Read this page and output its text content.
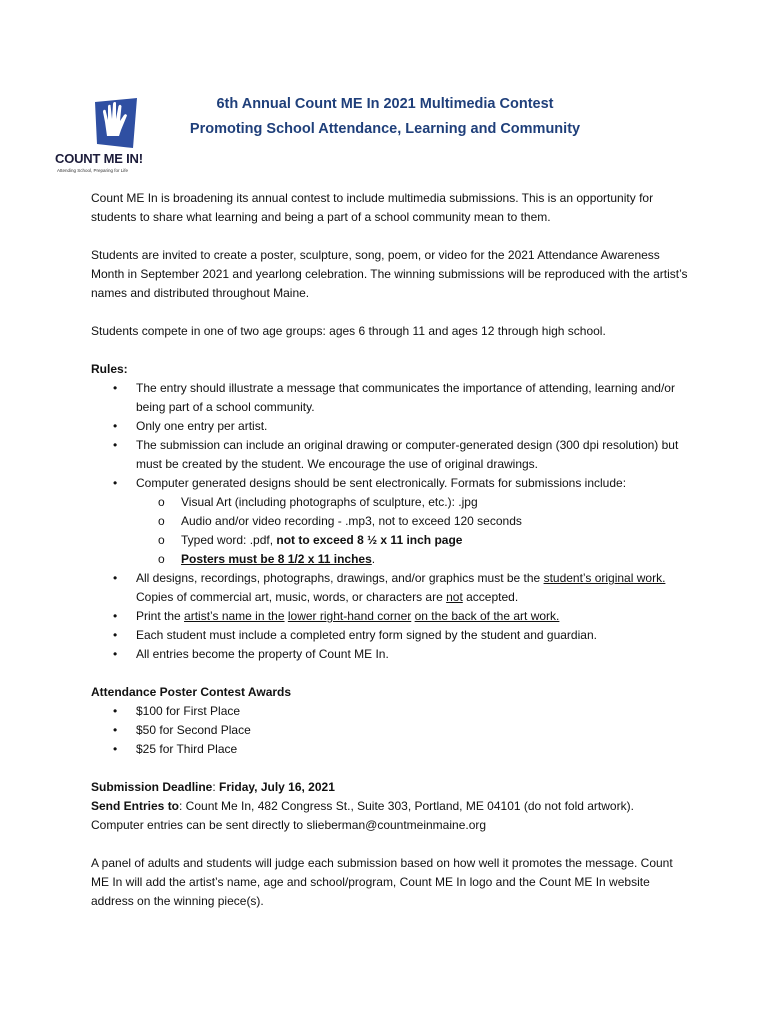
COUNT ME IN!
Attending School, Preparing for Life
6th Annual Count ME In 2021 Multimedia Contest
Promoting School Attendance, Learning and Community

Count ME In is broadening its annual contest to include multimedia submissions. This is an opportunity for students to share what learning and being a part of a school community mean to them.

Students are invited to create a poster, sculpture, song, poem, or video for the 2021 Attendance Awareness Month in September 2021 and yearlong celebration. The winning submissions will be reproduced with the artist’s names and distributed throughout Maine.

Students compete in one of two age groups: ages 6 through 11 and ages 12 through high school.

Rules:

• The entry should illustrate a message that communicates the importance of attending, learning and/or being part of a school community.
• Only one entry per artist.
• The submission can include an original drawing or computer-generated design (300 dpi resolution) but must be created by the student. We encourage the use of original drawings.
• Computer generated designs should be sent electronically. Formats for submissions include:
o Visual Art (including photographs of sculpture, etc.): .jpg
o Audio and/or video recording - .mp3, not to exceed 120 seconds
o Typed word: .pdf, not to exceed 8 ½ x 11 inch page
o Posters must be 8 1/2 x 11 inches.
• All designs, recordings, photographs, drawings, and/or graphics must be the student’s original work. Copies of commercial art, music, words, or characters are not accepted.
• Print the artist’s name in the lower right-hand corner on the back of the art work.
• Each student must include a completed entry form signed by the student and guardian.
• All entries become the property of Count ME In.

Attendance Poster Contest Awards

• $100 for First Place
• $50 for Second Place
• $25 for Third Place

Submission Deadline: Friday, July 16, 2021

Send Entries to: Count Me In, 482 Congress St., Suite 303, Portland, ME 04101 (do not fold artwork).

Computer entries can be sent directly to slieberman@countmeinmaine.org

A panel of adults and students will judge each submission based on how well it promotes the message. Count ME In will add the artist’s name, age and school/program, Count ME In logo and the Count ME In website address on the winning piece(s).
